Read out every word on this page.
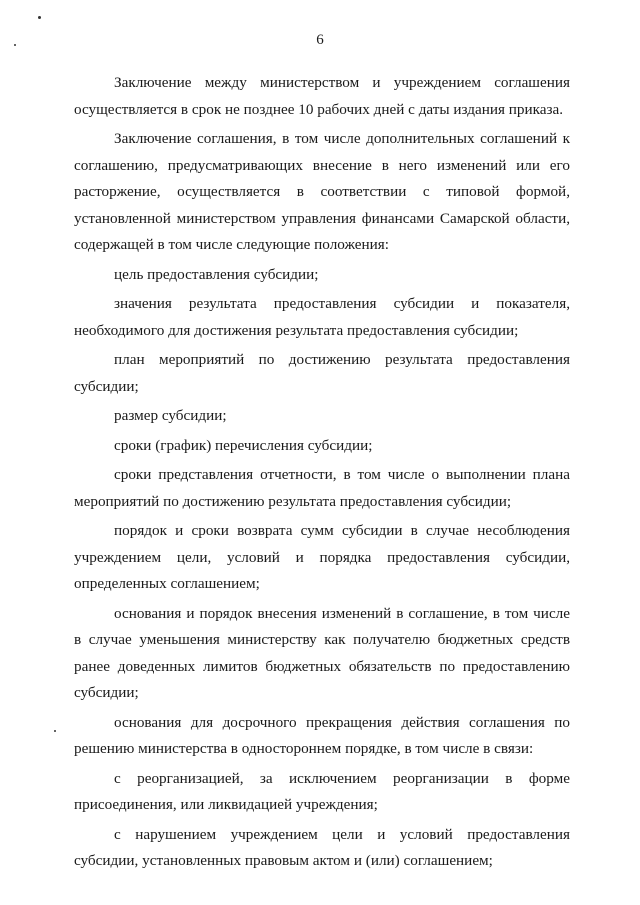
6

Заключение между министерством и учреждением соглашения осуществляется в срок не позднее 10 рабочих дней с даты издания приказа.

Заключение соглашения, в том числе дополнительных соглашений к соглашению, предусматривающих внесение в него изменений или его расторжение, осуществляется в соответствии с типовой формой, установленной министерством управления финансами Самарской области, содержащей в том числе следующие положения:

цель предоставления субсидии;

значения результата предоставления субсидии и показателя, необходимого для достижения результата предоставления субсидии;

план мероприятий по достижению результата предоставления субсидии;

размер субсидии;

сроки (график) перечисления субсидии;

сроки представления отчетности, в том числе о выполнении плана мероприятий по достижению результата предоставления субсидии;

порядок и сроки возврата сумм субсидии в случае несоблюдения учреждением цели, условий и порядка предоставления субсидии, определенных соглашением;

основания и порядок внесения изменений в соглашение, в том числе в случае уменьшения министерству как получателю бюджетных средств ранее доведенных лимитов бюджетных обязательств по предоставлению субсидии;

основания для досрочного прекращения действия соглашения по решению министерства в одностороннем порядке, в том числе в связи:

с реорганизацией, за исключением реорганизации в форме присоединения, или ликвидацией учреждения;

с нарушением учреждением цели и условий предоставления субсидии, установленных правовым актом и (или) соглашением;
